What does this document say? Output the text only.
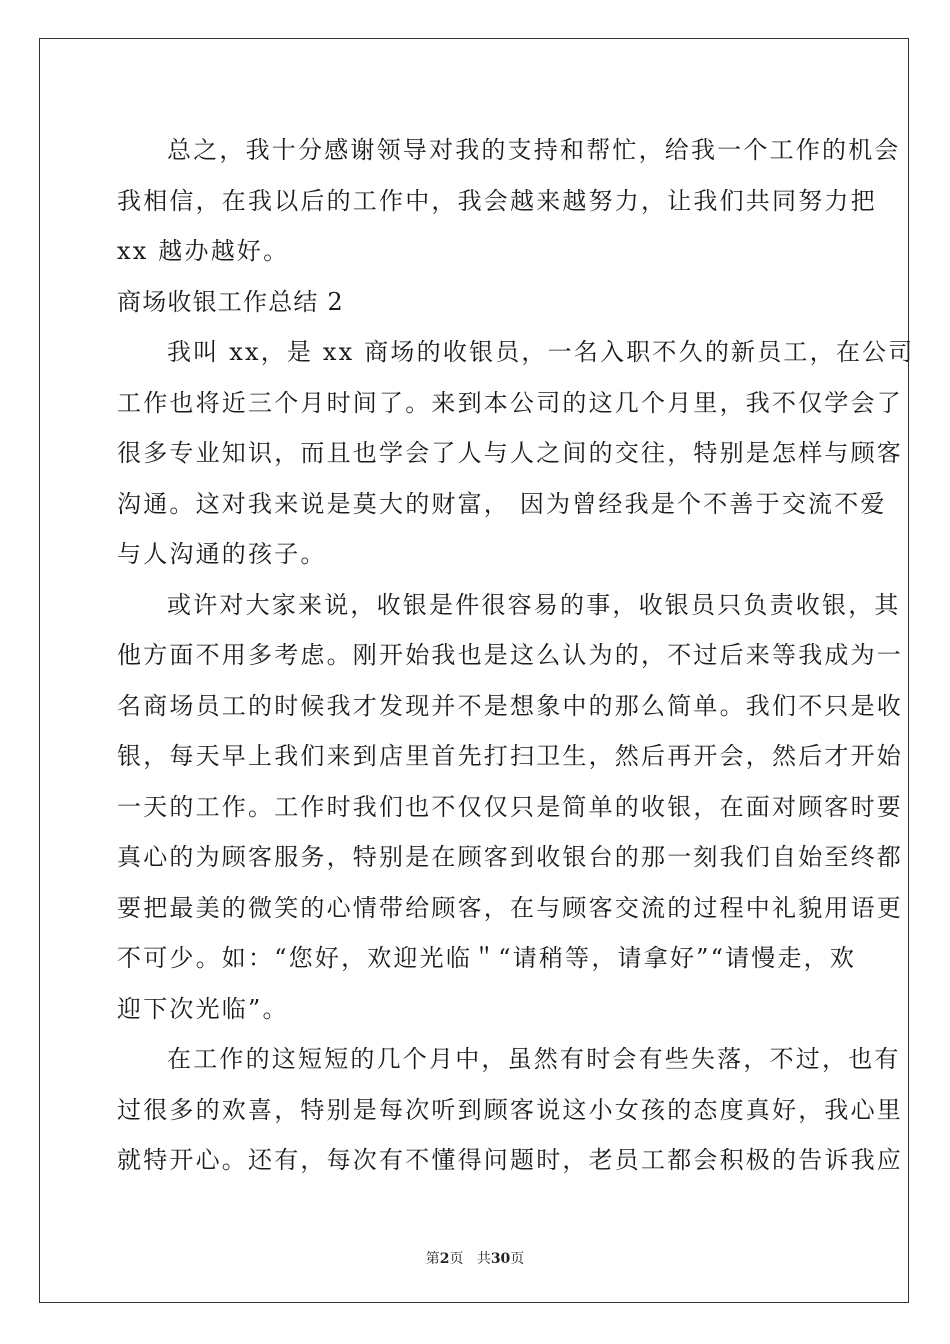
总之，我十分感谢领导对我的支持和帮忙，给我一个工作的机会
我相信，在我以后的工作中，我会越来越努力，让我们共同努力把
xx 越办越好。
商场收银工作总结 2
我叫 xx，是 xx 商场的收银员，一名入职不久的新员工，在公司
工作也将近三个月时间了。来到本公司的这几个月里，我不仅学会了
很多专业知识，而且也学会了人与人之间的交往，特别是怎样与顾客
沟通。这对我来说是莫大的财富， 因为曾经我是个不善于交流不爱
与人沟通的孩子。
或许对大家来说，收银是件很容易的事，收银员只负责收银，其
他方面不用多考虑。刚开始我也是这么认为的，不过后来等我成为一
名商场员工的时候我才发现并不是想象中的那么简单。我们不只是收
银，每天早上我们来到店里首先打扫卫生，然后再开会，然后才开始
一天的工作。工作时我们也不仅仅只是简单的收银，在面对顾客时要
真心的为顾客服务，特别是在顾客到收银台的那一刻我们自始至终都
要把最美的微笑的心情带给顾客，在与顾客交流的过程中礼貌用语更
不可少。如：“您好，欢迎光临＂“请稍等，请拿好”“请慢走，欢
迎下次光临”。
在工作的这短短的几个月中，虽然有时会有些失落，不过，也有
过很多的欢喜，特别是每次听到顾客说这小女孩的态度真好，我心里
就特开心。还有，每次有不懂得问题时，老员工都会积极的告诉我应
第2页 共30页
